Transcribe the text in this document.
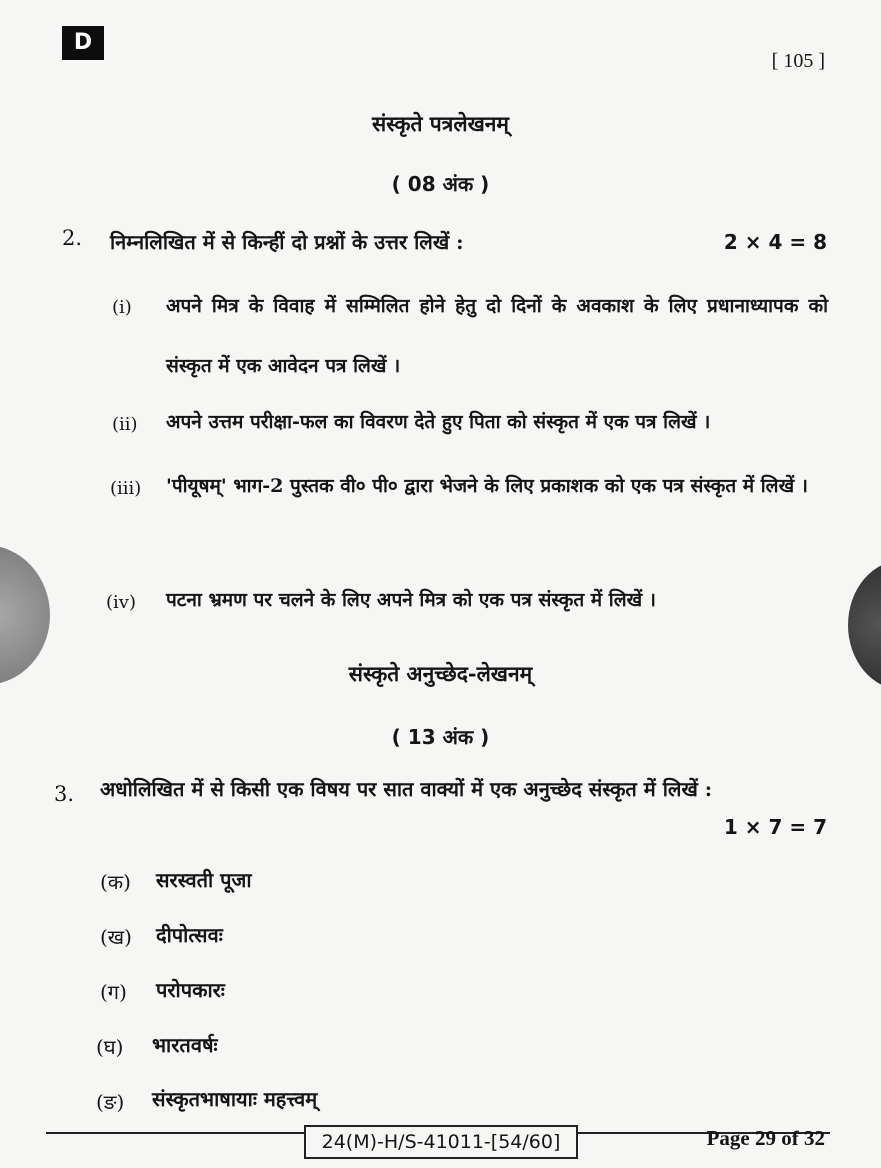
D
[ 105 ]
संस्कृते पत्रलेखनम्
( 08 अंक )
2. निम्नलिखित में से किन्हीं दो प्रश्नों के उत्तर लिखें :	2 × 4 = 8
(i) अपने मित्र के विवाह में सम्मिलित होने हेतु दो दिनों के अवकाश के लिए प्रधानाध्यापक को संस्कृत में एक आवेदन पत्र लिखें ।
(ii) अपने उत्तम परीक्षा-फल का विवरण देते हुए पिता को संस्कृत में एक पत्र लिखें ।
(iii) 'पीयूषम्' भाग-2 पुस्तक वी० पी० द्वारा भेजने के लिए प्रकाशक को एक पत्र संस्कृत में लिखें ।
(iv) पटना भ्रमण पर चलने के लिए अपने मित्र को एक पत्र संस्कृत में लिखें ।
संस्कृते अनुच्छेद-लेखनम्
( 13 अंक )
3. अधोलिखित में से किसी एक विषय पर सात वाक्यों में एक अनुच्छेद संस्कृत में लिखें :
1 × 7 = 7
(क) सरस्वती पूजा
(ख) दीपोत्सवः
(ग) परोपकारः
(घ) भारतवर्षः
(ङ) संस्कृतभाषायाः महत्त्वम्
24(M)-H/S-41011-[54/60]	Page 29 of 32
